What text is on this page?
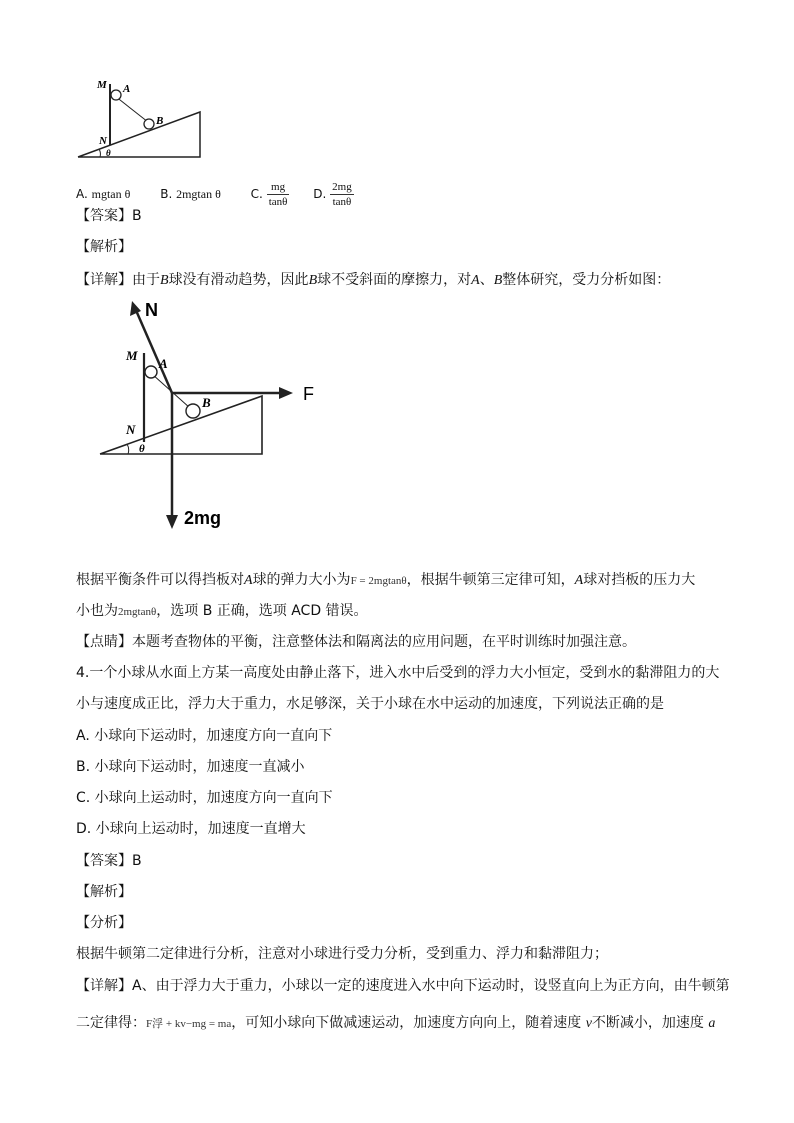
M A
B
N
θ
A. mgtan θ B. 2mgtan θ C. $\frac{mg}{\tan\theta} D$. $\frac{2mg}{\tan\theta}$
【答案】B
【解析】
【详解】由于B球没有滑动趋势，因此B球不受斜面的摩擦力，对A、B整体研究，受力分析如图：
N
F
2mg
M
A
B
N
θ
根据平衡条件可以得挡板对A球的弹力大小为F = 2mgtanθ，根据牛顿第三定律可知，A球对挡板的压力大
小也为2mgtanθ，选项 B 正确，选项 ACD 错误。
【点睛】本题考查物体的平衡，注意整体法和隔离法的应用问题，在平时训练时加强注意。
4.一个小球从水面上方某一高度处由静止落下，进入水中后受到的浮力大小恒定，受到水的黏滞阻力的大
小与速度成正比，浮力大于重力，水足够深，关于小球在水中运动的加速度，下列说法正确的是
A. 小球向下运动时，加速度方向一直向下
B. 小球向下运动时，加速度一直减小
C. 小球向上运动时，加速度方向一直向下
D. 小球向上运动时，加速度一直增大
【答案】B
【解析】
【分析】
根据牛顿第二定律进行分析，注意对小球进行受力分析，受到重力、浮力和黏滞阻力；
【详解】A、由于浮力大于重力，小球以一定的速度进入水中向下运动时，设竖直向上为正方向，由牛顿第
二定律得：F浮 + kv−mg = ma，可知小球向下做减速运动，加速度方向向上，随着速度 v不断减小，加速度 a
